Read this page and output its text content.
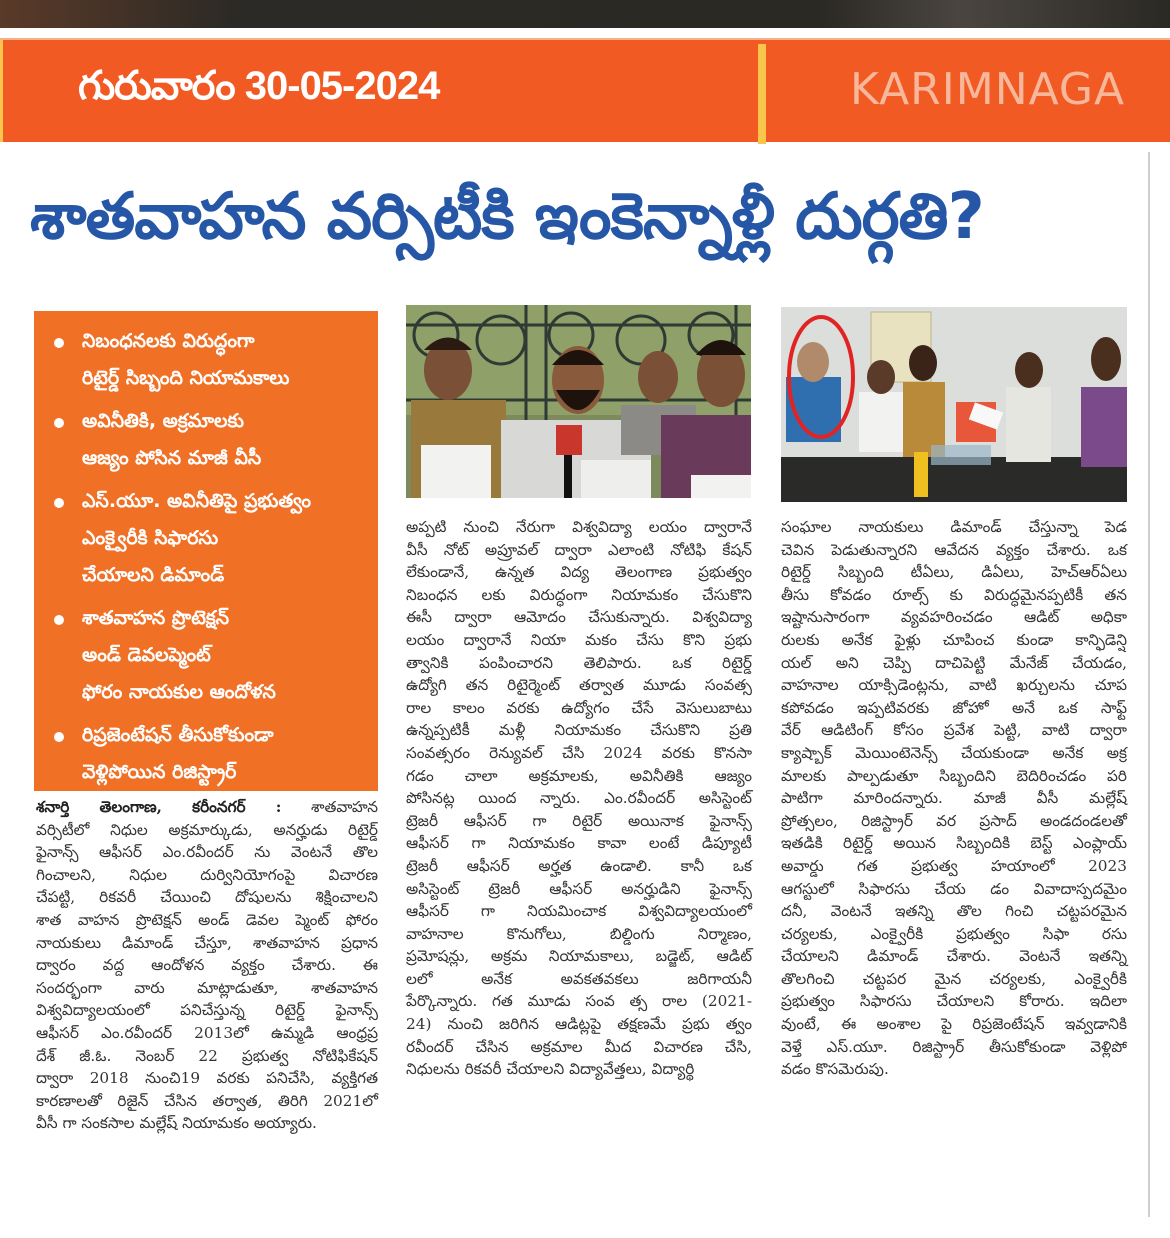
గురువారం 30-05-2024	KARIMNAGA
శాతవాహన వర్సిటీకి ఇంకెన్నాళ్లీ దుర్గతి?
నిబంధనలకు విరుద్ధంగా
రిటైర్డ్ సిబ్బంది నియామకాలు
అవినీతికి, అక్రమాలకు
ఆజ్యం పోసిన మాజీ వీసీ
ఎస్.యూ. అవినీతిపై ప్రభుత్వం
ఎంక్వైరీకి సిఫారసు
చేయాలని డిమాండ్
శాతవాహన ప్రొటెక్షన్
అండ్ డెవలప్మెంట్
ఫోరం నాయకుల ఆందోళన
రిప్రజెంటేషన్ తీసుకోకుండా
వెళ్లిపోయిన రిజిస్ట్రార్
శనార్తి తెలంగాణ, కరీంనగర్ : శాతవాహన
వర్సిటీలో నిధుల అక్రమార్కుడు, అనర్హుడు రిటైర్డ్
ఫైనాన్స్ ఆఫీసర్ ఎం.రవీందర్ ను వెంటనే తొల
గించాలని, నిధుల దుర్వినియోగంపై విచారణ
చేపట్టి, రికవరీ చేయించి దోషులను శిక్షించాలని
శాత వాహన ప్రొటెక్షన్ అండ్ డెవల ప్మెంట్ ఫోరం
నాయకులు డిమాండ్ చేస్తూ, శాతవాహన ప్రధాన
ద్వారం వద్ద ఆందోళన వ్యక్తం చేశారు. ఈ
సందర్భంగా వారు మాట్లాడుతూ, శాతవాహన
విశ్వవిద్యాలయంలో పనిచేస్తున్న రిటైర్డ్ ఫైనాన్స్
ఆఫీసర్ ఎం.రవీందర్ 2013లో ఉమ్మడి ఆంధ్రప్ర
దేశ్ జీ.ఓ. నెంబర్ 22 ప్రభుత్వ నోటిఫికేషన్
ద్వారా 2018 నుంచి19 వరకు పనిచేసి, వ్యక్తిగత
కారణాలతో రిజైన్ చేసిన తర్వాత, తిరిగి 2021లో
వీసీ గా సంకసాల మల్లేష్ నియామకం అయ్యారు.
అప్పటి నుంచి నేరుగా విశ్వవిద్యా లయం ద్వారానే
వీసీ నోట్ అప్రూవల్ ద్వారా ఎలాంటి నోటిఫి కేషన్
లేకుండానే, ఉన్నత విద్య తెలంగాణ ప్రభుత్వం
నిబంధన లకు విరుద్ధంగా నియామకం చేసుకొని
ఈసీ ద్వారా ఆమోదం చేసుకున్నారు. విశ్వవిద్యా
లయం ద్వారానే నియా మకం చేసు కొని ప్రభు
త్వానికి పంపించారని తెలిపారు. ఒక రిటైర్డ్
ఉద్యోగి తన రిటైర్మెంట్ తర్వాత మూడు సంవత్స
రాల కాలం వరకు ఉద్యోగం చేసే వెసులుబాటు
ఉన్నప్పటికీ మళ్లీ నియామకం చేసుకొని ప్రతి
సంవత్సరం రెన్యువల్ చేసి 2024 వరకు కొనసా
గడం చాలా అక్రమాలకు, అవినీతికి ఆజ్యం
పోసినట్ల యింద న్నారు. ఎం.రవీందర్ అసిస్టెంట్
ట్రెజరీ ఆఫీసర్ గా రిటైర్ అయినాక ఫైనాన్స్
ఆఫీసర్ గా నియామకం కావా లంటే డిప్యూటీ
ట్రెజరీ ఆఫీసర్ అర్హత ఉండాలి. కానీ ఒక
అసిస్టెంట్ ట్రెజరీ ఆఫీసర్ అనర్హుడిని ఫైనాన్స్
ఆఫీసర్ గా నియమించాక విశ్వవిద్యాలయంలో
వాహనాల కొనుగోలు, బిల్డింగు నిర్మాణం,
ప్రమోషన్లు, అక్రమ నియామకాలు, బడ్జెట్, ఆడిట్
లలో అనేక అవకతవకలు జరిగాయనీ
పేర్కొన్నారు. గత మూడు సంవ త్స రాల (2021-
24) నుంచి జరిగిన ఆడిట్లపై తక్షణమే ప్రభు త్వం
రవీందర్ చేసిన అక్రమాల మీద విచారణ చేసి,
నిధులను రికవరీ చేయాలని విద్యావేత్తలు, విద్యార్థి
సంఘాల నాయకులు డిమాండ్ చేస్తున్నా పెడ
చెవిన పెడుతున్నారని ఆవేదన వ్యక్తం చేశారు. ఒక
రిటైర్డ్ సిబ్బంది టీఏలు, డిఏలు, హెచ్ఆర్ఏలు
తీసు కోవడం రూల్స్ కు విరుద్ధమైనప్పటికీ తన
ఇష్టానుసారంగా వ్యవహరించడం ఆడిట్ అధికా
రులకు అనేక ఫైళ్లు చూపించ కుండా కాన్ఫిడెన్షి
యల్ అని చెప్పి దాచిపెట్టి మేనేజ్ చేయడం,
వాహనాల యాక్సిడెంట్లను, వాటి ఖర్చులను చూప
కపోవడం ఇప్పటివరకు జోహో అనే ఒక సాఫ్ట్
వేర్ ఆడిటింగ్ కోసం ప్రవేశ పెట్టి, వాటి ద్వారా
క్యాష్బాక్ మెయింటెనెన్స్ చేయకుండా అనేక అక్ర
మాలకు పాల్పడుతూ సిబ్బందిని బెదిరించడం పరి
పాటిగా మారిందన్నారు. మాజీ వీసీ మల్లేష్
ప్రోత్సలం, రిజిస్ట్రార్ వర ప్రసాద్ అండదండలతో
ఇతడికి రిటైర్డ్ అయిన సిబ్బందికి బెస్ట్ ఎంప్లాయ్
అవార్డు గత ప్రభుత్వ హయాంలో 2023
ఆగస్టులో సిఫారసు చేయ డం వివాదాస్పదమైం
దనీ, వెంటనే ఇతన్ని తొల గించి చట్టపరమైన
చర్యలకు, ఎంక్వైరీకి ప్రభుత్వం సిఫా రసు
చేయాలని డిమాండ్ చేశారు. వెంటనే ఇతన్ని
తొలగించి చట్టపర మైన చర్యలకు, ఎంక్వైరీకి
ప్రభుత్వం సిఫారసు చేయాలని కోరారు. ఇదిలా
వుంటే, ఈ అంశాల పై రిప్రజెంటేషన్ ఇవ్వడానికి
వెళ్తే ఎస్.యూ. రిజిస్ట్రార్ తీసుకోకుండా వెళ్లిపో
వడం కొసమెరుపు.
